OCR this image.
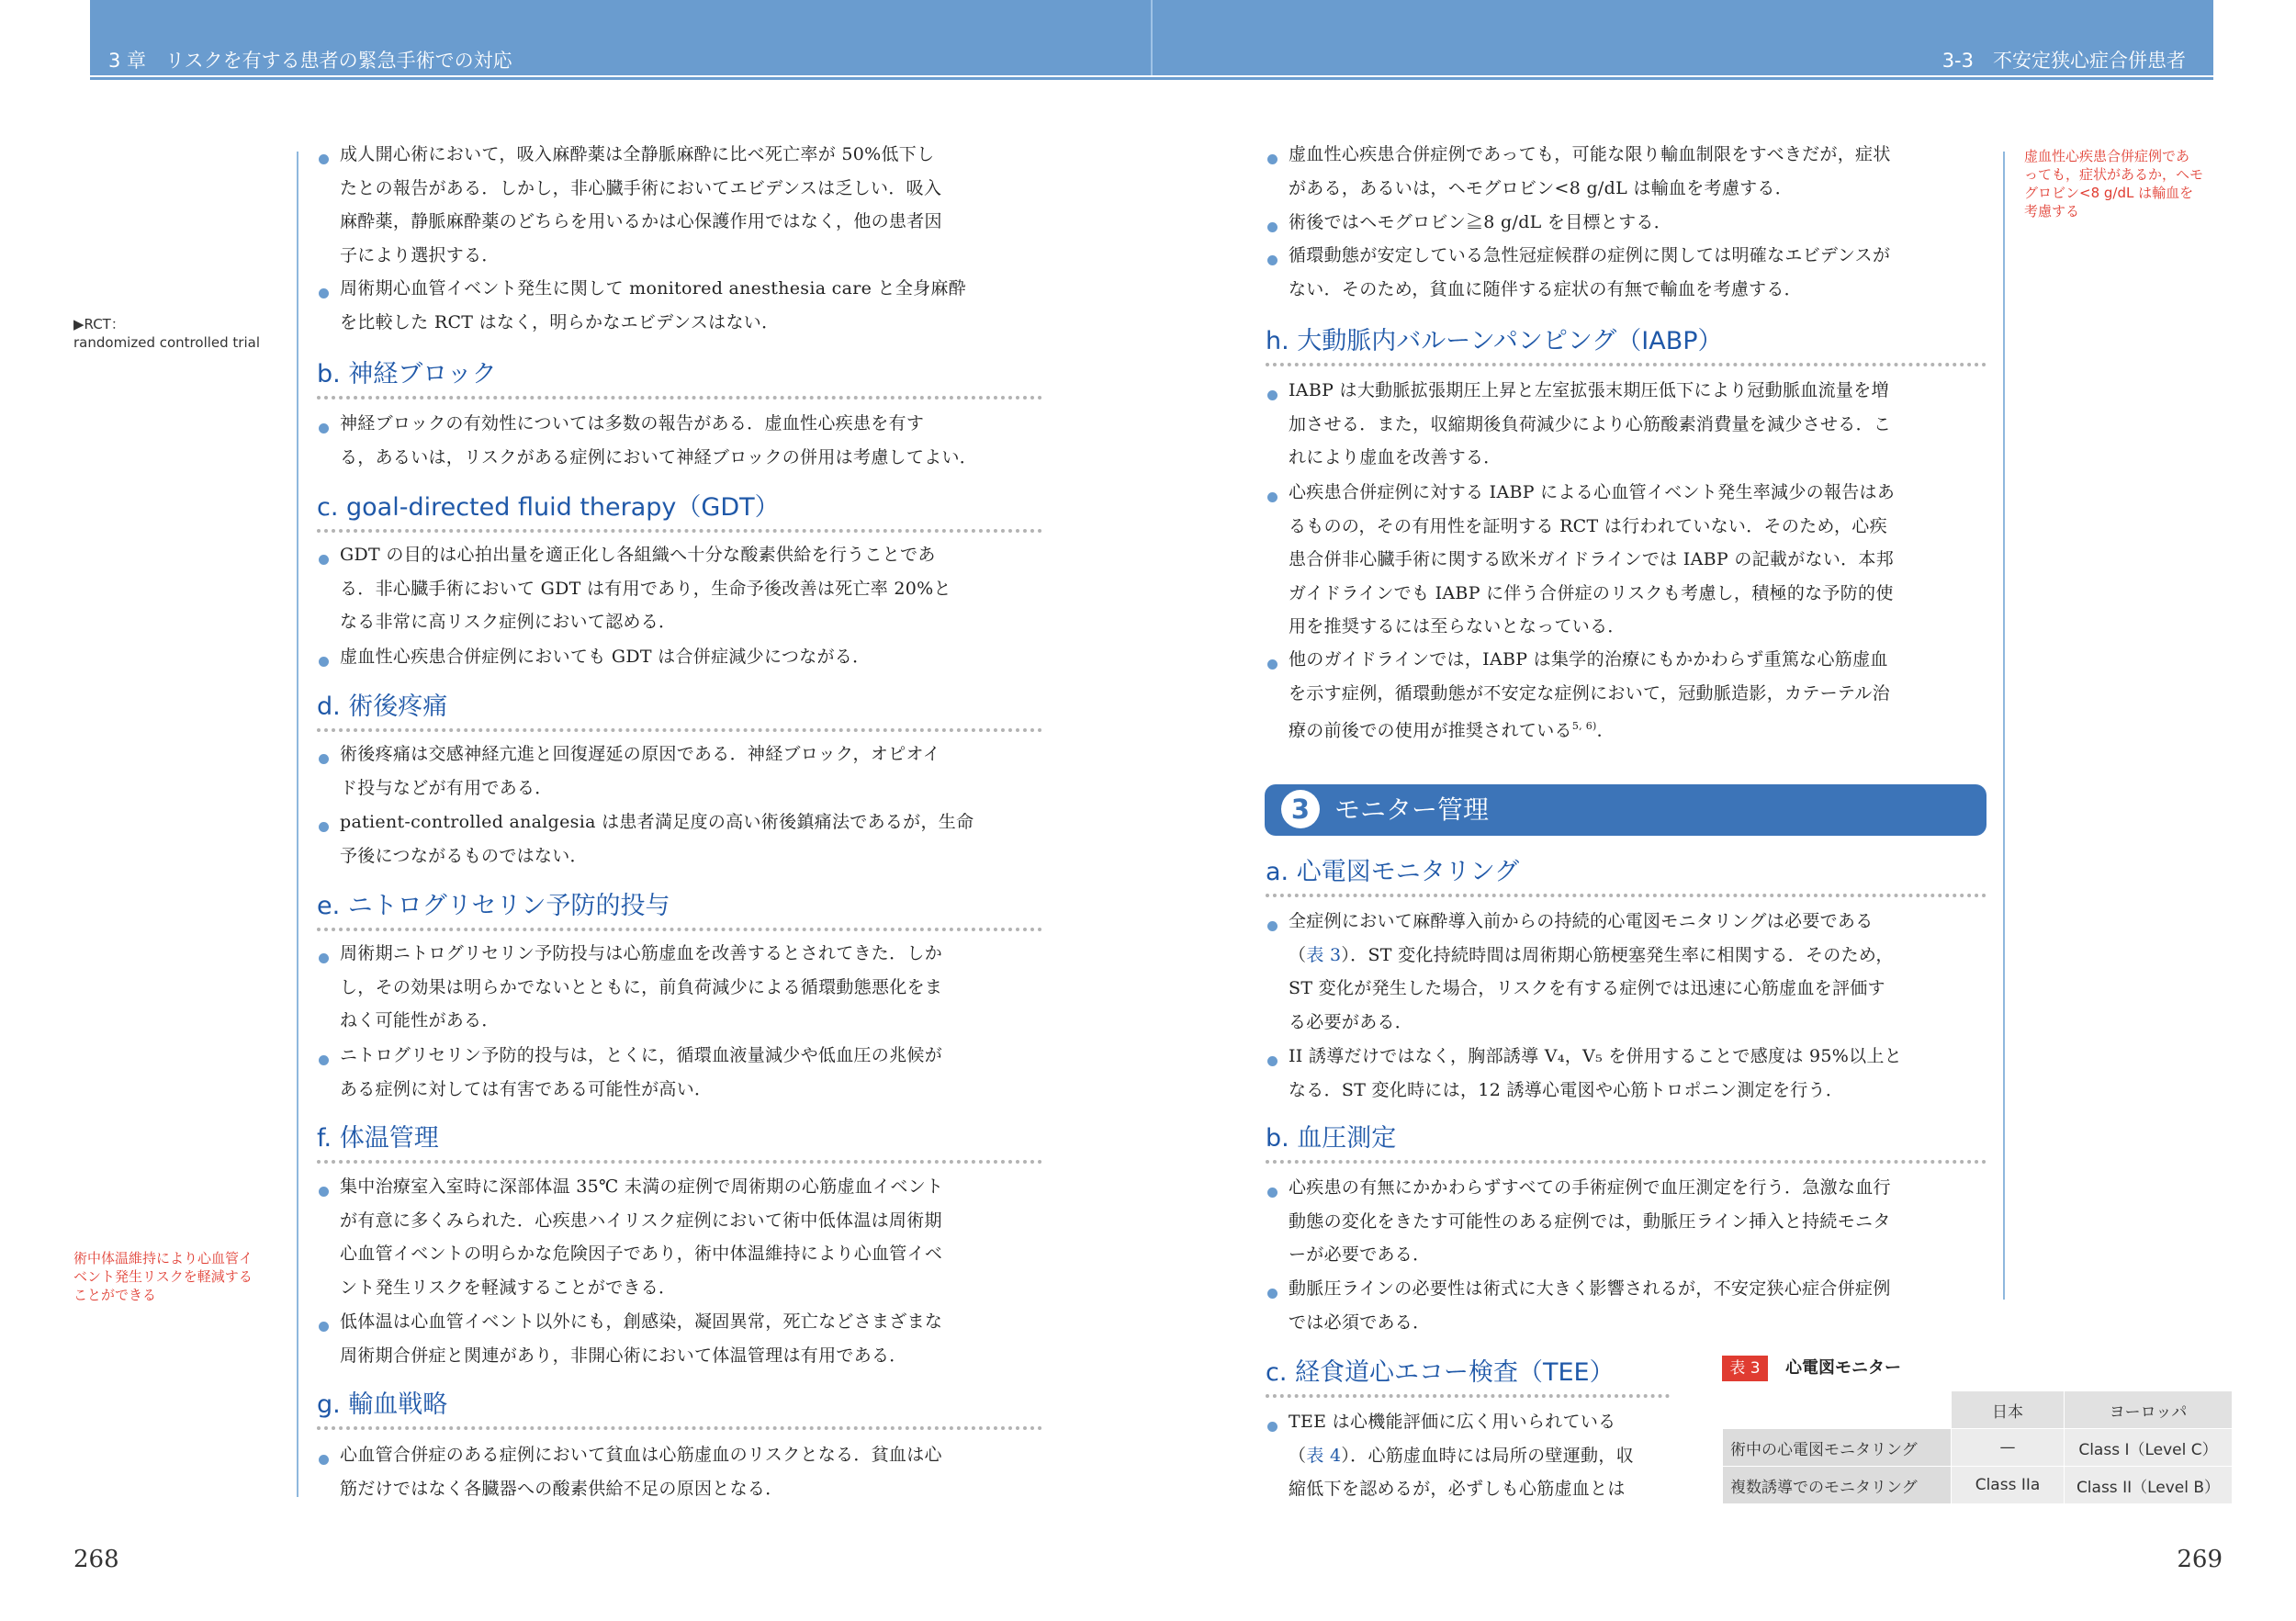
3 章　リスクを有する患者の緊急手術での対応	3-3　不安定狭心症合併患者
▶RCT：
randomized controlled trial
術中体温維持により心血管イ
ベント発生リスクを軽減する
ことができる
虚血性心疾患合併症例であ
っても，症状があるか，ヘモ
グロビン<8 g/dL は輸血を
考慮する
成人開心術において，吸入麻酔薬は全静脈麻酔に比べ死亡率が 50%低下し
たとの報告がある．しかし，非心臓手術においてエビデンスは乏しい．吸入
麻酔薬，静脈麻酔薬のどちらを用いるかは心保護作用ではなく，他の患者因
子により選択する．
周術期心血管イベント発生に関して monitored anesthesia care と全身麻酔
を比較した RCT はなく，明らかなエビデンスはない．
b. 神経ブロック
神経ブロックの有効性については多数の報告がある．虚血性心疾患を有す
る，あるいは，リスクがある症例において神経ブロックの併用は考慮してよい．
c. goal-directed fluid therapy（GDT）
GDT の目的は心拍出量を適正化し各組織へ十分な酸素供給を行うことであ
る．非心臓手術において GDT は有用であり，生命予後改善は死亡率 20%と
なる非常に高リスク症例において認める．
虚血性心疾患合併症例においても GDT は合併症減少につながる．
d. 術後疼痛
術後疼痛は交感神経亢進と回復遅延の原因である．神経ブロック，オピオイ
ド投与などが有用である．
patient-controlled analgesia は患者満足度の高い術後鎮痛法であるが，生命
予後につながるものではない．
e. ニトログリセリン予防的投与
周術期ニトログリセリン予防投与は心筋虚血を改善するとされてきた．しか
し，その効果は明らかでないとともに，前負荷減少による循環動態悪化をま
ねく可能性がある．
ニトログリセリン予防的投与は，とくに，循環血液量減少や低血圧の兆候が
ある症例に対しては有害である可能性が高い．
f. 体温管理
集中治療室入室時に深部体温 35℃ 未満の症例で周術期の心筋虚血イベント
が有意に多くみられた．心疾患ハイリスク症例において術中低体温は周術期
心血管イベントの明らかな危険因子であり，術中体温維持により心血管イベ
ント発生リスクを軽減することができる．
低体温は心血管イベント以外にも，創感染，凝固異常，死亡などさまざまな
周術期合併症と関連があり，非開心術において体温管理は有用である．
g. 輸血戦略
心血管合併症のある症例において貧血は心筋虚血のリスクとなる．貧血は心
筋だけではなく各臓器への酸素供給不足の原因となる．
虚血性心疾患合併症例であっても，可能な限り輸血制限をすべきだが，症状
がある，あるいは，ヘモグロビン<8 g/dL は輸血を考慮する．
術後ではヘモグロビン≧8 g/dL を目標とする．
循環動態が安定している急性冠症候群の症例に関しては明確なエビデンスが
ない．そのため，貧血に随伴する症状の有無で輸血を考慮する．
h. 大動脈内バルーンパンピング（IABP）
IABP は大動脈拡張期圧上昇と左室拡張末期圧低下により冠動脈血流量を増
加させる．また，収縮期後負荷減少により心筋酸素消費量を減少させる．こ
れにより虚血を改善する．
心疾患合併症例に対する IABP による心血管イベント発生率減少の報告はあ
るものの，その有用性を証明する RCT は行われていない．そのため，心疾
患合併非心臓手術に関する欧米ガイドラインでは IABP の記載がない．本邦
ガイドラインでも IABP に伴う合併症のリスクも考慮し，積極的な予防的使
用を推奨するには至らないとなっている．
他のガイドラインでは，IABP は集学的治療にもかかわらず重篤な心筋虚血
を示す症例，循環動態が不安定な症例において，冠動脈造影，カテーテル治
療の前後での使用が推奨されている$^{5, 6)}$．
3 モニター管理
a. 心電図モニタリング
全症例において麻酔導入前からの持続的心電図モニタリングは必要である
（表 3）．ST 変化持続時間は周術期心筋梗塞発生率に相関する．そのため，
ST 変化が発生した場合，リスクを有する症例では迅速に心筋虚血を評価す
る必要がある．
II 誘導だけではなく，胸部誘導 V₄，V₅ を併用することで感度は 95%以上と
なる．ST 変化時には，12 誘導心電図や心筋トロポニン測定を行う．
b. 血圧測定
心疾患の有無にかかわらずすべての手術症例で血圧測定を行う．急激な血行
動態の変化をきたす可能性のある症例では，動脈圧ライン挿入と持続モニタ
ーが必要である．
動脈圧ラインの必要性は術式に大きく影響されるが，不安定狭心症合併症例
では必須である．
c. 経食道心エコー検査（TEE）
TEE は心機能評価に広く用いられている
（表 4）．心筋虚血時には局所の壁運動，収
縮低下を認めるが，必ずしも心筋虚血とは
表 3	心電図モニター
	日本	ヨーロッパ
術中の心電図モニタリング	—	Class I（Level C）
複数誘導でのモニタリング	Class IIa	Class II（Level B）
268	269
